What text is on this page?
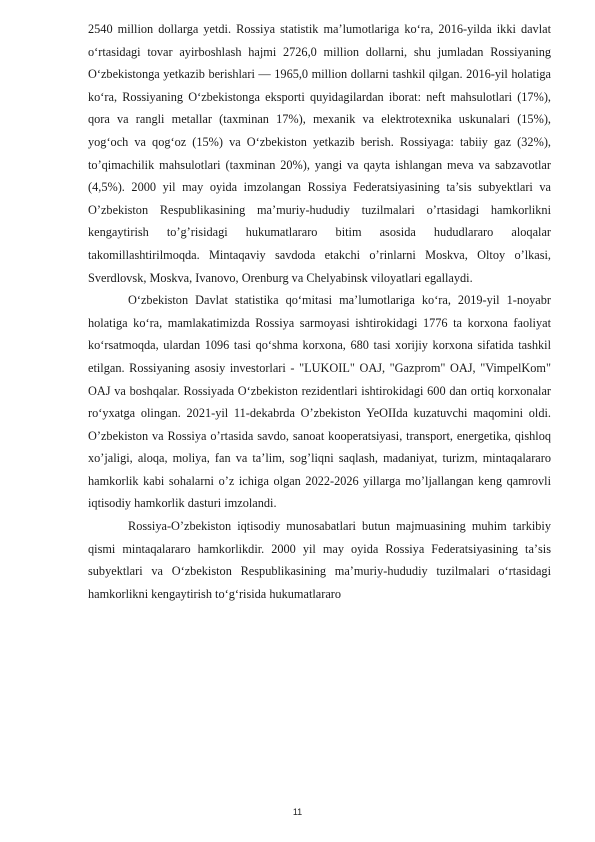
2540 million dollarga yetdi. Rossiya statistik maʼlumotlariga koʻra, 2016-yilda ikki davlat oʻrtasidagi tovar ayirboshlash hajmi 2726,0 million dollarni, shu jumladan Rossiyaning Oʻzbekistonga yetkazib berishlari — 1965,0 million dollarni tashkil qilgan. 2016-yil holatiga koʻra, Rossiyaning Oʻzbekistonga eksporti quyidagilardan iborat: neft mahsulotlari (17%), qora va rangli metallar (taxminan 17%), mexanik va elektrotexnika uskunalari (15%), yogʻoch va qogʻoz (15%) va Oʻzbekiston yetkazib berish. Rossiyaga: tabiiy gaz (32%), to’qimachilik mahsulotlari (taxminan 20%), yangi va qayta ishlangan meva va sabzavotlar (4,5%). 2000 yil may oyida imzolangan Rossiya Federatsiyasining ta’sis subyektlari va O’zbekiston Respublikasining ma’muriy-hududiy tuzilmalari o’rtasidagi hamkorlikni kengaytirish to’g’risidagi hukumatlararo bitim asosida hududlararo aloqalar takomillashtirilmoqda. Mintaqaviy savdoda etakchi o’rinlarni Moskva, Oltoy o’lkasi, Sverdlovsk, Moskva, Ivanovo, Orenburg va Chelyabinsk viloyatlari egallaydi.

Oʻzbekiston Davlat statistika qoʻmitasi maʼlumotlariga koʻra, 2019-yil 1-noyabr holatiga koʻra, mamlakatimizda Rossiya sarmoyasi ishtirokidagi 1776 ta korxona faoliyat koʻrsatmoqda, ulardan 1096 tasi qoʻshma korxona, 680 tasi xorijiy korxona sifatida tashkil etilgan. Rossiyaning asosiy investorlari - "LUKOIL" OAJ, "Gazprom" OAJ, "VimpelKom" OAJ va boshqalar. Rossiyada Oʻzbekiston rezidentlari ishtirokidagi 600 dan ortiq korxonalar roʻyxatga olingan. 2021-yil 11-dekabrda O’zbekiston YeOIIda kuzatuvchi maqomini oldi. O’zbekiston va Rossiya o’rtasida savdo, sanoat kooperatsiyasi, transport, energetika, qishloq xo’jaligi, aloqa, moliya, fan va ta’lim, sog’liqni saqlash, madaniyat, turizm, mintaqalararo hamkorlik kabi sohalarni o’z ichiga olgan 2022-2026 yillarga mo’ljallangan keng qamrovli iqtisodiy hamkorlik dasturi imzolandi.

Rossiya-O’zbekiston iqtisodiy munosabatlari butun majmuasining muhim tarkibiy qismi mintaqalararo hamkorlikdir. 2000 yil may oyida Rossiya Federatsiyasining taʼsis subyektlari va Oʻzbekiston Respublikasining maʼmuriy-hududiy tuzilmalari oʻrtasidagi hamkorlikni kengaytirish toʻgʻrisida hukumatlararo

11
